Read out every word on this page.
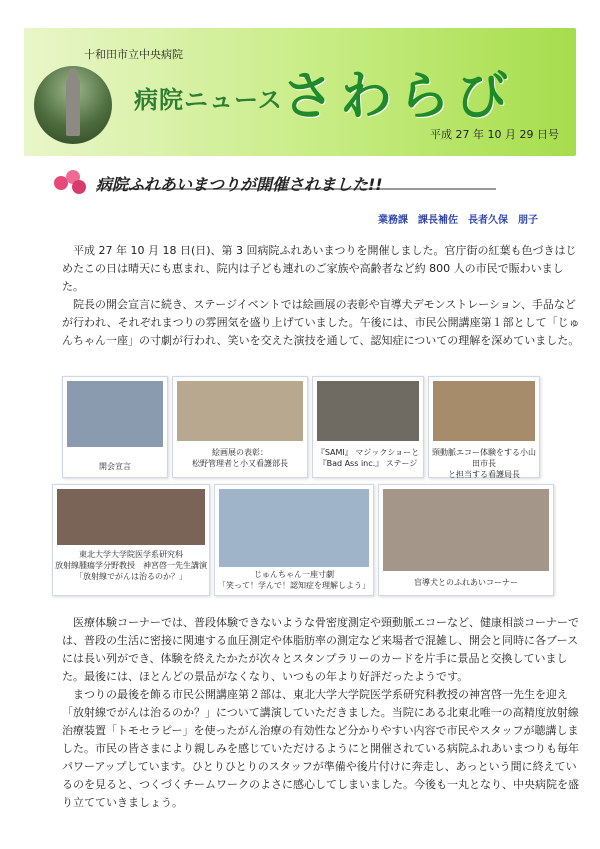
十和田市立中央病院
病院ニュース さわらび
平成 27 年 10 月 29 日号
病院ふれあいまつりが開催されました!!
業務課　課長補佐　長者久保　朋子

平成 27 年 10 月 18 日(日)、第 3 回病院ふれあいまつりを開催しました。官庁街の紅葉も色づきはじめたこの日は晴天にも恵まれ、院内は子ども連れのご家族や高齢者など約 800 人の市民で賑わいました。

院長の開会宣言に続き、ステージイベントでは絵画展の表彰や盲導犬デモンストレーション、手品などが行われ、それぞれまつりの雰囲気を盛り上げていました。午後には、市民公開講座第１部として「じゅんちゃん一座」の寸劇が行われ、笑いを交えた演技を通して、認知症についての理解を深めていました。

開会宣言
絵画展の表彰：
松野管理者と小又看護部長
『SAMI』 マジックショーと
『Bad Ass inc.』 ステージ
頸動脈エコー体験をする小山田市長
と担当する看護局長
東北大学大学院医学系研究科
放射線腫瘍学分野教授　神宮啓一先生講演
「放射線でがんは治るのか？」	じゅんちゃん一座寸劇
「笑って！学んで！認知症を理解しよう」	盲導犬とのふれあいコーナー

医療体験コーナーでは、普段体験できないような骨密度測定や頸動脈エコーなど、健康相談コーナーでは、普段の生活に密接に関連する血圧測定や体脂肪率の測定など来場者で混雑し、開会と同時に各ブースには長い列ができ、体験を終えたかたが次々とスタンプラリーのカードを片手に景品と交換していました。最後には、ほとんどの景品がなくなり、いつもの年より好評だったようです。

まつりの最後を飾る市民公開講座第２部は、東北大学大学院医学系研究科教授の神宮啓一先生を迎え「放射線でがんは治るのか？」について講演していただきました。当院にある北東北唯一の高精度放射線治療装置「トモセラピー」を使ったがん治療の有効性など分かりやすい内容で市民やスタッフが聴講しました。市民の皆さまにより親しみを感じていただけるようにと開催されている病院ふれあいまつりも毎年パワーアップしています。ひとりひとりのスタッフが準備や後片付けに奔走し、あっという間に終えているのを見ると、つくづくチームワークのよさに感心してしまいました。今後も一丸となり、中央病院を盛り立てていきましょう。
